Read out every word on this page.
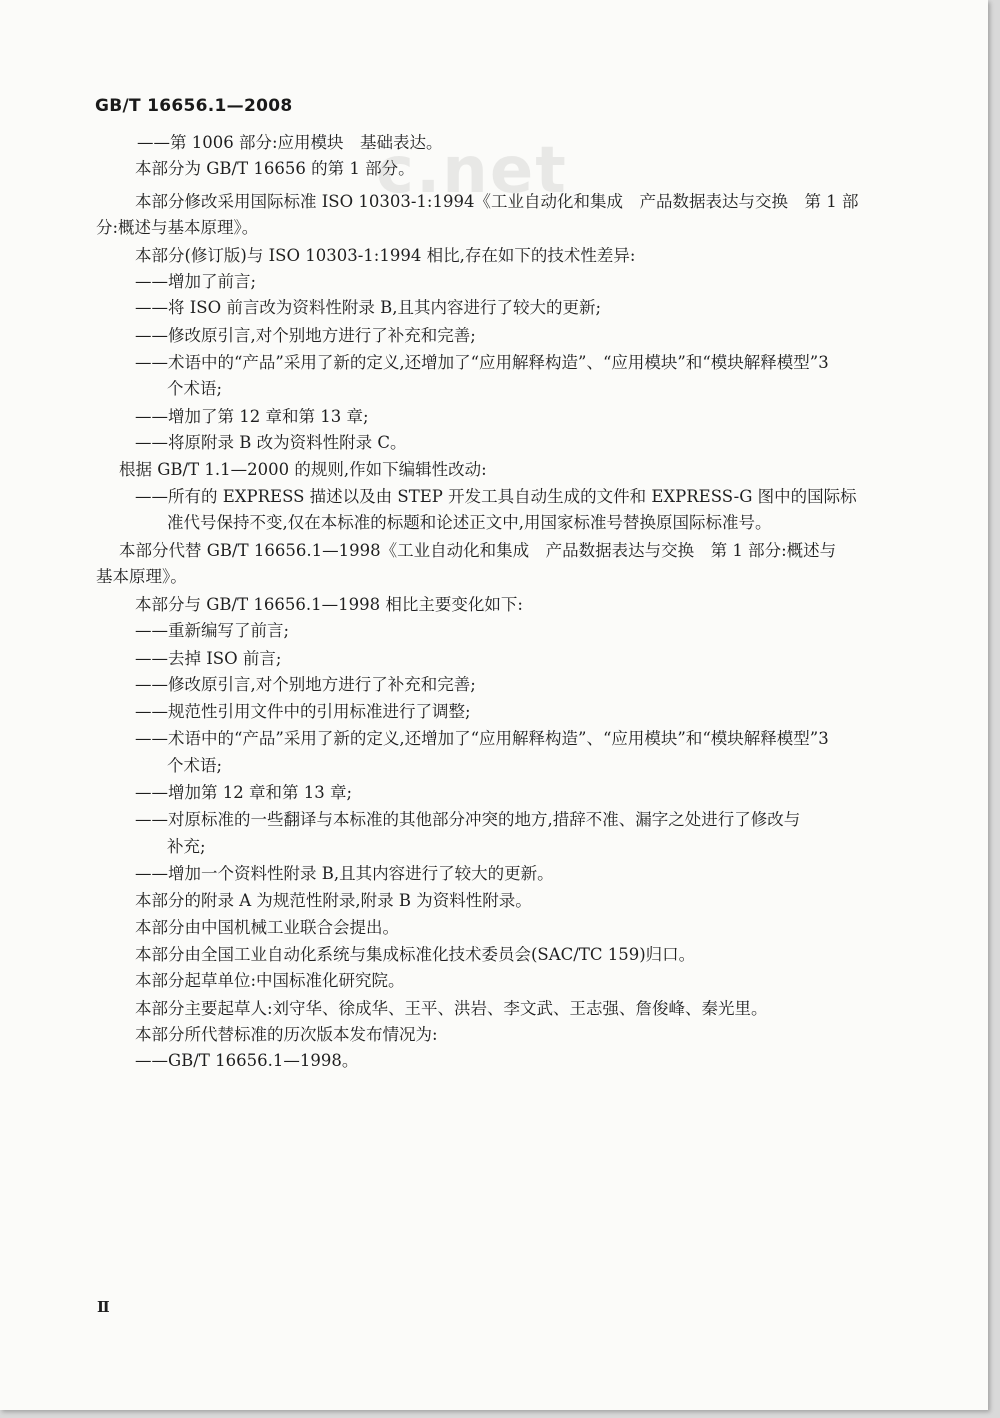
GB/T 16656.1—2008
c.net
——第 1006 部分:应用模块　基础表达。
本部分为 GB/T 16656 的第 1 部分。
本部分修改采用国际标准 ISO 10303-1:1994《工业自动化和集成　产品数据表达与交换　第 1 部
分:概述与基本原理》。
本部分(修订版)与 ISO 10303-1:1994 相比,存在如下的技术性差异:
——增加了前言;
——将 ISO 前言改为资料性附录 B,且其内容进行了较大的更新;
——修改原引言,对个别地方进行了补充和完善;
——术语中的“产品”采用了新的定义,还增加了“应用解释构造”、“应用模块”和“模块解释模型”3
个术语;
——增加了第 12 章和第 13 章;
——将原附录 B 改为资料性附录 C。
根据 GB/T 1.1—2000 的规则,作如下编辑性改动:
——所有的 EXPRESS 描述以及由 STEP 开发工具自动生成的文件和 EXPRESS-G 图中的国际标
准代号保持不变,仅在本标准的标题和论述正文中,用国家标准号替换原国际标准号。
本部分代替 GB/T 16656.1—1998《工业自动化和集成　产品数据表达与交换　第 1 部分:概述与
基本原理》。
本部分与 GB/T 16656.1—1998 相比主要变化如下:
——重新编写了前言;
——去掉 ISO 前言;
——修改原引言,对个别地方进行了补充和完善;
——规范性引用文件中的引用标准进行了调整;
——术语中的“产品”采用了新的定义,还增加了“应用解释构造”、“应用模块”和“模块解释模型”3
个术语;
——增加第 12 章和第 13 章;
——对原标准的一些翻译与本标准的其他部分冲突的地方,措辞不准、漏字之处进行了修改与
补充;
——增加一个资料性附录 B,且其内容进行了较大的更新。
本部分的附录 A 为规范性附录,附录 B 为资料性附录。
本部分由中国机械工业联合会提出。
本部分由全国工业自动化系统与集成标准化技术委员会(SAC/TC 159)归口。
本部分起草单位:中国标准化研究院。
本部分主要起草人:刘守华、徐成华、王平、洪岩、李文武、王志强、詹俊峰、秦光里。
本部分所代替标准的历次版本发布情况为:
——GB/T 16656.1—1998。
Ⅱ
